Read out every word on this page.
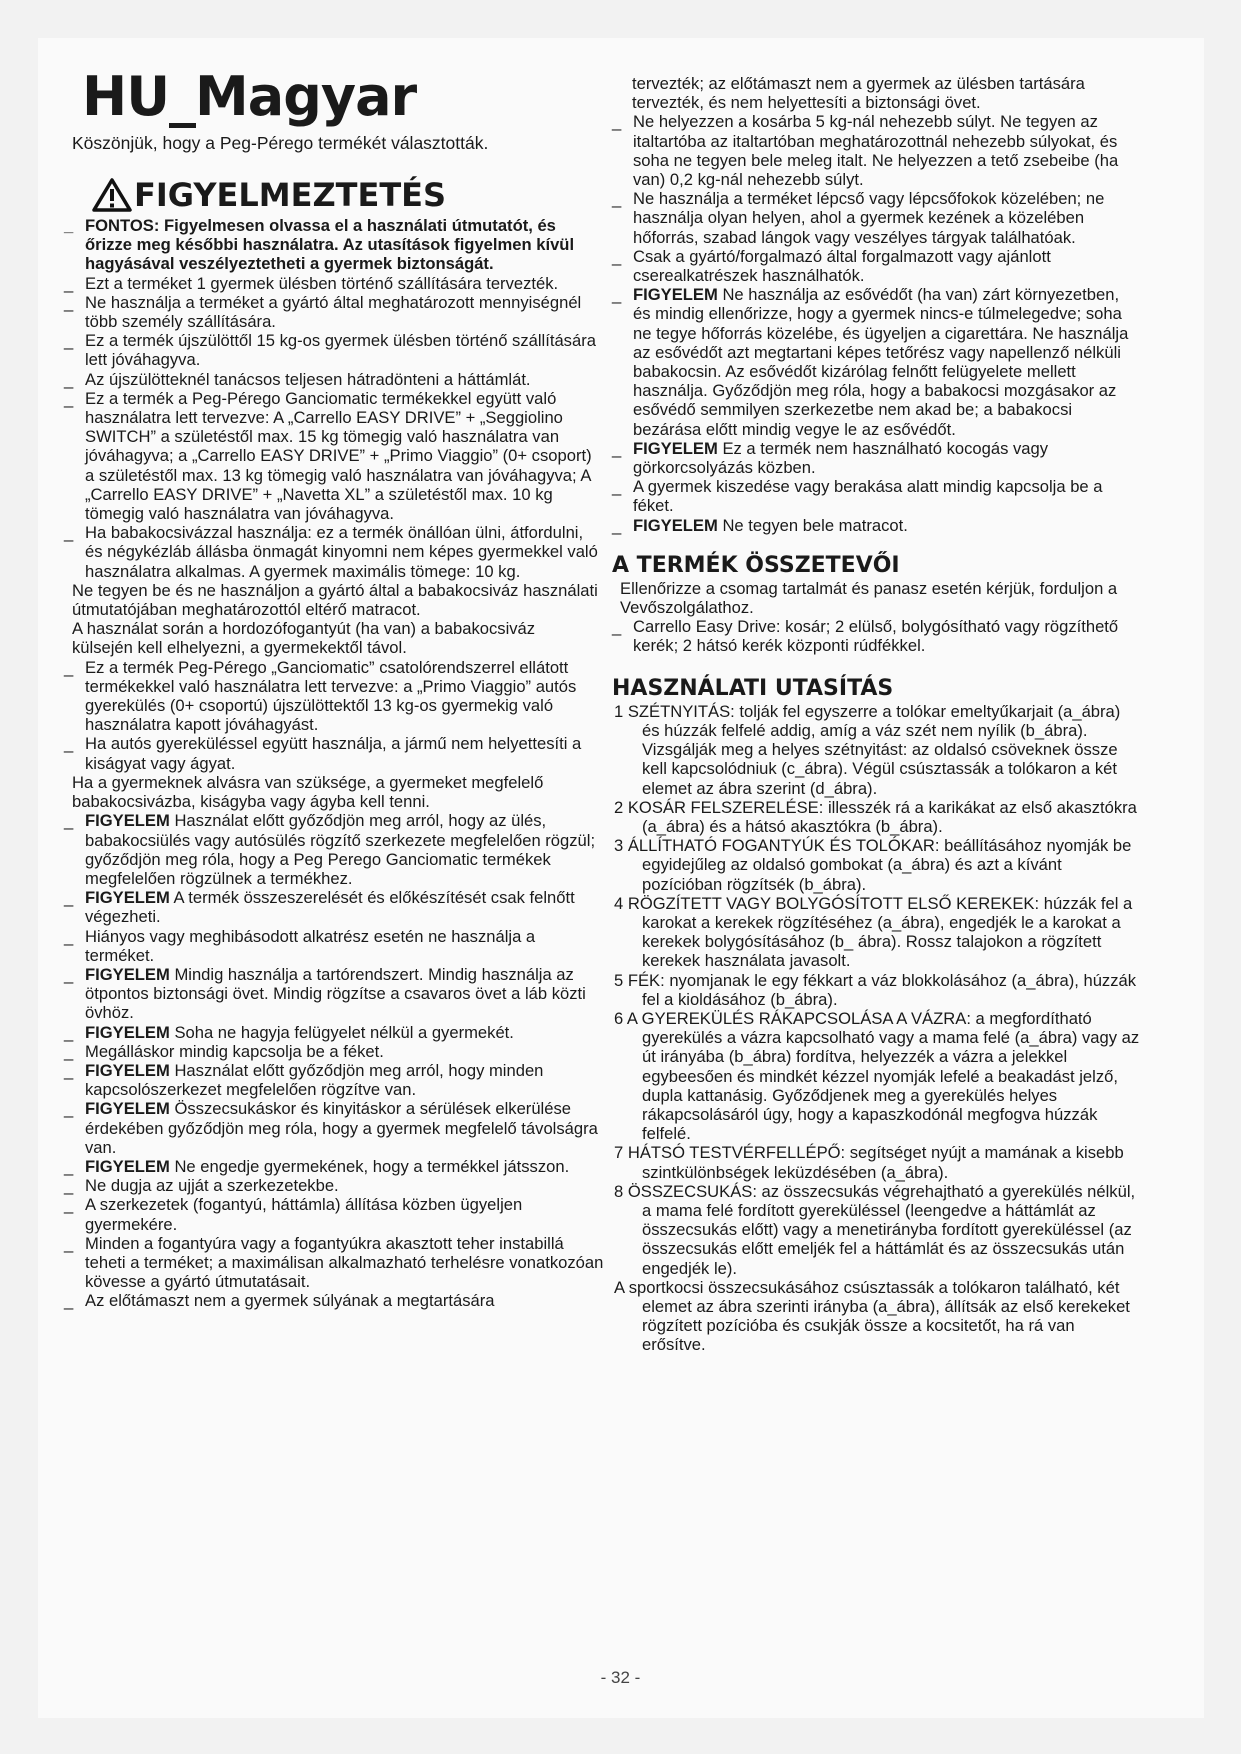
HU_Magyar

Köszönjük, hogy a Peg-Pérego termékét választották.

FIGYELMEZTETÉS
_ FONTOS: Figyelmesen olvassa el a használati útmutatót, és őrizze meg későbbi használatra. Az utasítások figyelmen kívül hagyásával veszélyeztetheti a gyermek biztonságát.
_ Ezt a terméket 1 gyermek ülésben történő szállítására tervezték.
_ Ne használja a terméket a gyártó által meghatározott mennyiségnél több személy szállítására.
_ Ez a termék újszülöttől 15 kg-os gyermek ülésben történő szállítására lett jóváhagyva.
_ Az újszülötteknél tanácsos teljesen hátradönteni a háttámlát.
_ Ez a termék a Peg-Pérego Ganciomatic termékekkel együtt való használatra lett tervezve: A „Carrello EASY DRIVE” + „Seggiolino SWITCH” a születéstől max. 15 kg tömegig való használatra van jóváhagyva; a „Carrello EASY DRIVE” + „Primo Viaggio” (0+ csoport) a születéstől max. 13 kg tömegig való használatra van jóváhagyva; A „Carrello EASY DRIVE” + „Navetta XL” a születéstől max. 10 kg tömegig való használatra van jóváhagyva.
_ Ha babakocsivázzal használja: ez a termék önállóan ülni, átfordulni, és négykézláb állásba önmagát kinyomni nem képes gyermekkel való használatra alkalmas. A gyermek maximális tömege: 10 kg.

Ne tegyen be és ne használjon a gyártó által a babakocsiváz használati útmutatójában meghatározottól eltérő matracot.

A használat során a hordozófogantyút (ha van) a babakocsiváz külsején kell elhelyezni, a gyermekektől távol.

_ Ez a termék Peg-Pérego „Ganciomatic” csatolórendszerrel ellátott termékekkel való használatra lett tervezve: a „Primo Viaggio” autós gyerekülés (0+ csoportú) újszülöttektől 13 kg-os gyermekig való használatra kapott jóváhagyást.
_ Ha autós gyereküléssel együtt használja, a jármű nem helyettesíti a kiságyat vagy ágyat.

Ha a gyermeknek alvásra van szüksége, a gyermeket megfelelő babakocsivázba, kiságyba vagy ágyba kell tenni.

_ FIGYELEM Használat előtt győződjön meg arról, hogy az ülés, babakocsiülés vagy autósülés rögzítő szerkezete megfelelően rögzül; győződjön meg róla, hogy a Peg Perego Ganciomatic termékek megfelelően rögzülnek a termékhez.
_ FIGYELEM A termék összeszerelését és előkészítését csak felnőtt végezheti.
_ Hiányos vagy meghibásodott alkatrész esetén ne használja a terméket.
_ FIGYELEM Mindig használja a tartórendszert. Mindig használja az ötpontos biztonsági övet. Mindig rögzítse a csavaros övet a láb közti övhöz.
_ FIGYELEM Soha ne hagyja felügyelet nélkül a gyermekét.
_ Megálláskor mindig kapcsolja be a féket.
_ FIGYELEM Használat előtt győződjön meg arról, hogy minden kapcsolószerkezet megfelelően rögzítve van.
_ FIGYELEM Összecsukáskor és kinyitáskor a sérülések elkerülése érdekében győződjön meg róla, hogy a gyermek megfelelő távolságra van.
_ FIGYELEM Ne engedje gyermekének, hogy a termékkel játsszon.
_ Ne dugja az ujját a szerkezetekbe.
_ A szerkezetek (fogantyú, háttámla) állítása közben ügyeljen gyermekére.
_ Minden a fogantyúra vagy a fogantyúkra akasztott teher instabillá teheti a terméket; a maximálisan alkalmazható terhelésre vonatkozóan kövesse a gyártó útmutatásait.
_ Az előtámaszt nem a gyermek súlyának a megtartására

tervezték; az előtámaszt nem a gyermek az ülésben tartására tervezték, és nem helyettesíti a biztonsági övet.

_ Ne helyezzen a kosárba 5 kg-nál nehezebb súlyt. Ne tegyen az italtartóba az italtartóban meghatározottnál nehezebb súlyokat, és soha ne tegyen bele meleg italt. Ne helyezzen a tető zsebeibe (ha van) 0,2 kg-nál nehezebb súlyt.
_ Ne használja a terméket lépcső vagy lépcsőfokok közelében; ne használja olyan helyen, ahol a gyermek kezének a közelében hőforrás, szabad lángok vagy veszélyes tárgyak találhatóak.
_ Csak a gyártó/forgalmazó által forgalmazott vagy ajánlott cserealkatrészek használhatók.
_ FIGYELEM Ne használja az esővédőt (ha van) zárt környezetben, és mindig ellenőrizze, hogy a gyermek nincs-e túlmelegedve; soha ne tegye hőforrás közelébe, és ügyeljen a cigarettára. Ne használja az esővédőt azt megtartani képes tetőrész vagy napellenző nélküli babakocsin. Az esővédőt kizárólag felnőtt felügyelete mellett használja. Győződjön meg róla, hogy a babakocsi mozgásakor az esővédő semmilyen szerkezetbe nem akad be; a babakocsi bezárása előtt mindig vegye le az esővédőt.
_ FIGYELEM Ez a termék nem használható kocogás vagy görkorcsolyázás közben.
_ A gyermek kiszedése vagy berakása alatt mindig kapcsolja be a féket.
_ FIGYELEM Ne tegyen bele matracot.
A TERMÉK ÖSSZETEVŐI

Ellenőrizze a csomag tartalmát és panasz esetén kérjük, forduljon a Vevőszolgálathoz.

_ Carrello Easy Drive: kosár; 2 elülső, bolygósítható vagy rögzíthető kerék; 2 hátsó kerék központi rúdfékkel.
HASZNÁLATI UTASÍTÁS

1 SZÉTNYITÁS: tolják fel egyszerre a tolókar emeltyűkarjait (a_ábra) és húzzák felfelé addig, amíg a váz szét nem nyílik (b_ábra). Vizsgálják meg a helyes szétnyitást: az oldalsó csöveknek össze kell kapcsolódniuk (c_ábra). Végül csúsztassák a tolókaron a két elemet az ábra szerint (d_ábra).

2 KOSÁR FELSZERELÉSE: illesszék rá a karikákat az első akasztókra (a_ábra) és a hátsó akasztókra (b_ábra).

3 ÁLLÍTHATÓ FOGANTYÚK ÉS TOLÓKAR: beállításához nyomják be egyidejűleg az oldalsó gombokat (a_ábra) és azt a kívánt pozícióban rögzítsék (b_ábra).

4 RÖGZÍTETT VAGY BOLYGÓSÍTOTT ELSŐ KEREKEK: húzzák fel a karokat a kerekek rögzítéséhez (a_ábra), engedjék le a karokat a kerekek bolygósításához (b_ ábra). Rossz talajokon a rögzített kerekek használata javasolt.

5 FÉK: nyomjanak le egy fékkart a váz blokkolásához (a_ábra), húzzák fel a kioldásához (b_ábra).

6 A GYEREKÜLÉS RÁKAPCSOLÁSA A VÁZRA: a megfordítható gyerekülés a vázra kapcsolható vagy a mama felé (a_ábra) vagy az út irányába (b_ábra) fordítva, helyezzék a vázra a jelekkel egybeesően és mindkét kézzel nyomják lefelé a beakadást jelző, dupla kattanásig. Győződjenek meg a gyerekülés helyes rákapcsolásáról úgy, hogy a kapaszkodónál megfogva húzzák felfelé.

7 HÁTSÓ TESTVÉRFELLÉPŐ: segítséget nyújt a mamának a kisebb szintkülönbségek leküzdésében (a_ábra).

8 ÖSSZECSUKÁS: az összecsukás végrehajtható a gyerekülés nélkül, a mama felé fordított gyereküléssel (leengedve a háttámlát az összecsukás előtt) vagy a menetirányba fordított gyereküléssel (az összecsukás előtt emeljék fel a háttámlát és az összecsukás után engedjék le).

A sportkocsi összecsukásához csúsztassák a tolókaron található, két elemet az ábra szerinti irányba (a_ábra), állítsák az első kerekeket rögzített pozícióba és csukják össze a kocsitetőt, ha rá van erősítve.

- 32 -
